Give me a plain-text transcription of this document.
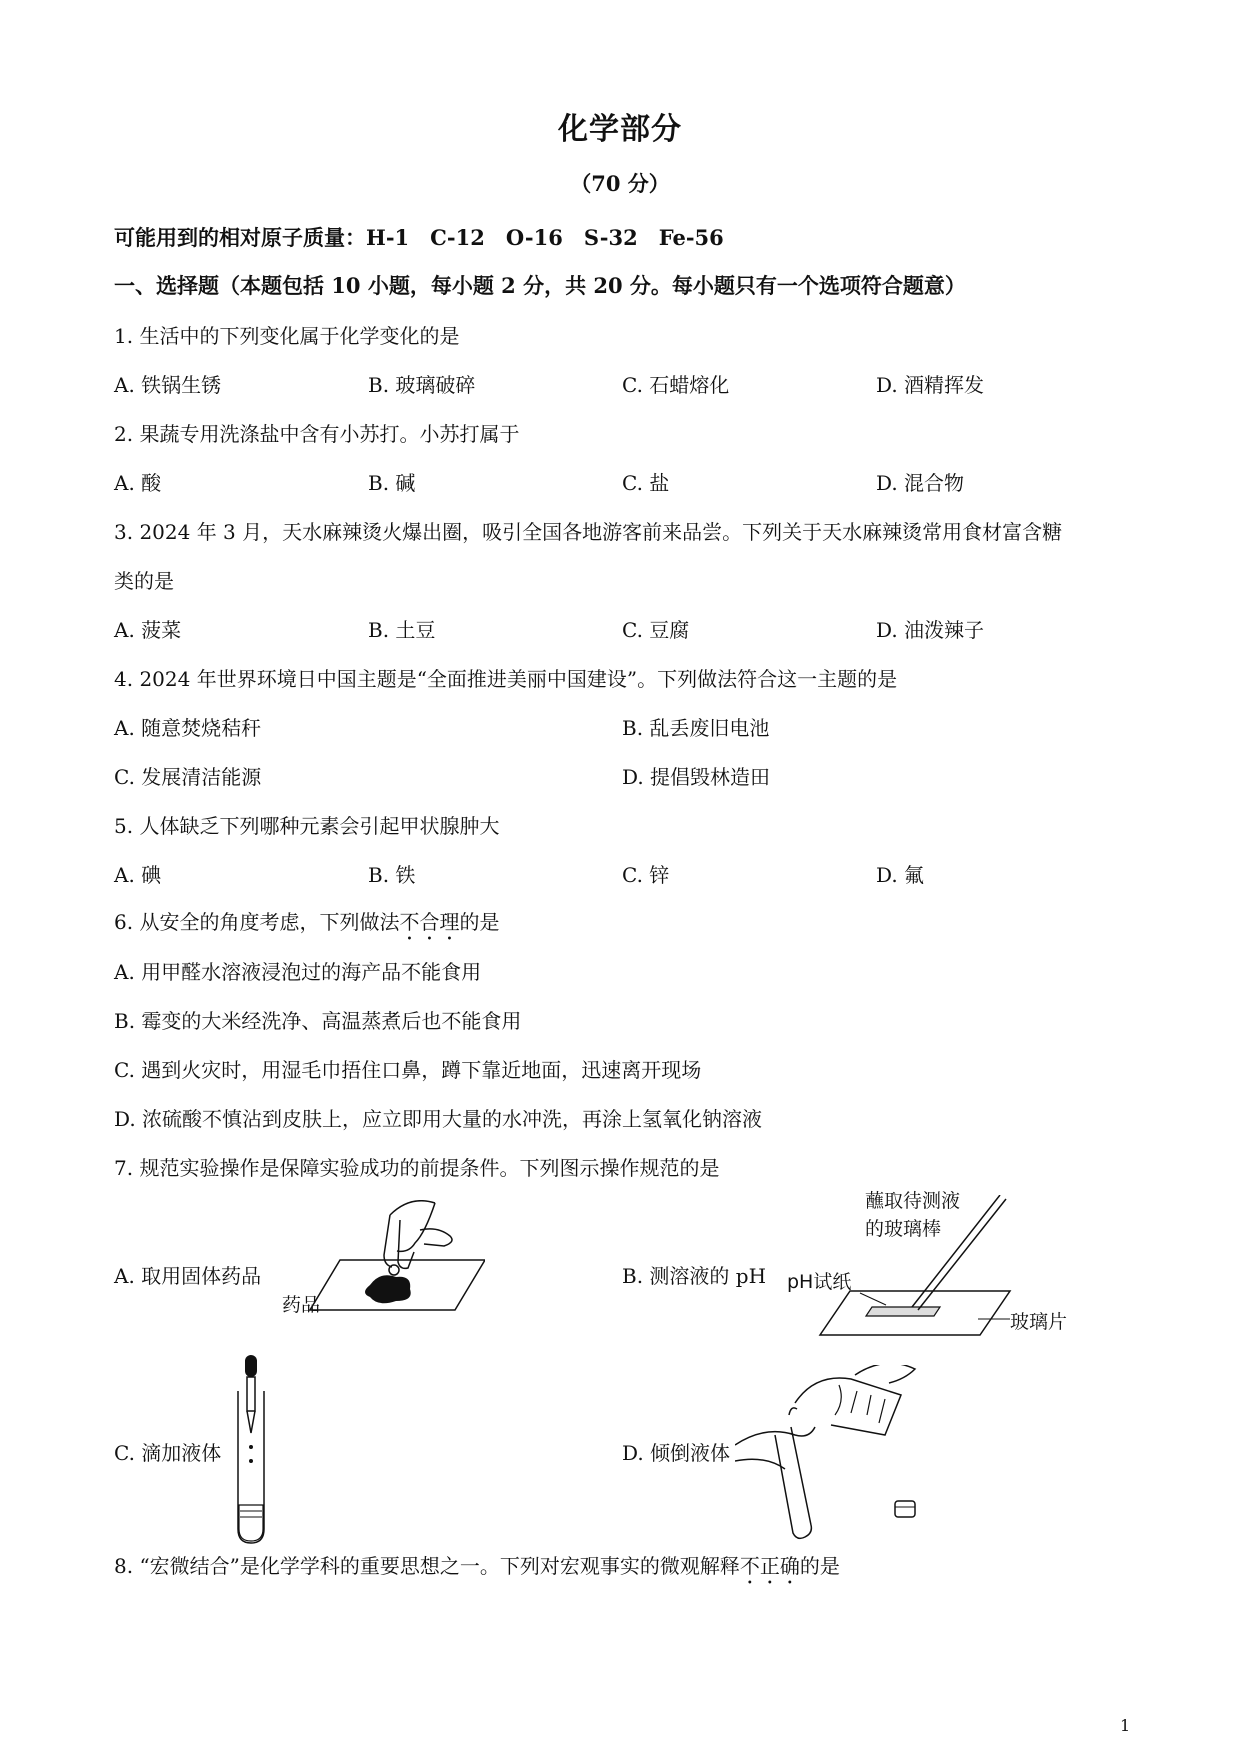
化学部分
（70 分）
可能用到的相对原子质量：H-1　C-12　O-16　S-32　Fe-56
一、选择题（本题包括 10 小题，每小题 2 分，共 20 分。每小题只有一个选项符合题意）
1. 生活中的下列变化属于化学变化的是
A. 铁锅生锈	B. 玻璃破碎	C. 石蜡熔化	D. 酒精挥发
2. 果蔬专用洗涤盐中含有小苏打。小苏打属于
A. 酸	B. 碱	C. 盐	D. 混合物
3. 2024 年 3 月，天水麻辣烫火爆出圈，吸引全国各地游客前来品尝。下列关于天水麻辣烫常用食材富含糖
类的是
A. 菠菜	B. 土豆	C. 豆腐	D. 油泼辣子
4. 2024 年世界环境日中国主题是“全面推进美丽中国建设”。下列做法符合这一主题的是
A. 随意焚烧秸秆	B. 乱丢废旧电池
C. 发展清洁能源	D. 提倡毁林造田
5. 人体缺乏下列哪种元素会引起甲状腺肿大
A. 碘	B. 铁	C. 锌	D. 氟
6. 从安全的角度考虑，下列做法不合理的是
A. 用甲醛水溶液浸泡过的海产品不能食用
B. 霉变的大米经洗净、高温蒸煮后也不能食用
C. 遇到火灾时，用湿毛巾捂住口鼻，蹲下靠近地面，迅速离开现场
D. 浓硫酸不慎沾到皮肤上，应立即用大量的水冲洗，再涂上氢氧化钠溶液
7. 规范实验操作是保障实验成功的前提条件。下列图示操作规范的是
A. 取用固体药品	B. 测溶液的 pH
C. 滴加液体	D. 倾倒液体
药品
蘸取待测液
的玻璃棒
pH试纸
玻璃片
8. “宏微结合”是化学学科的重要思想之一。下列对宏观事实的微观解释不正确的是
1
